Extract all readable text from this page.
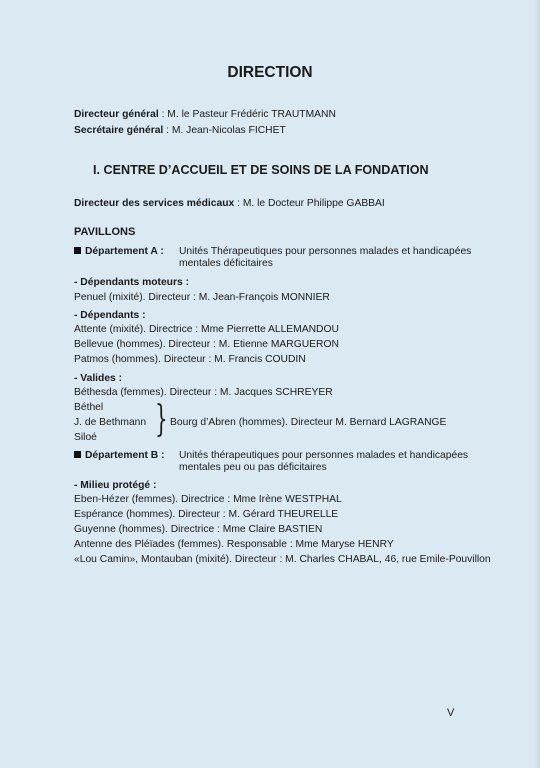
DIRECTION
Directeur général : M. le Pasteur Frédéric TRAUTMANN
Secrétaire général : M. Jean-Nicolas FICHET
I. CENTRE D’ACCUEIL ET DE SOINS DE LA FONDATION
Directeur des services médicaux : M. le Docteur Philippe GABBAI
PAVILLONS
Département A : Unités Thérapeutiques pour personnes malades et handicapées
mentales déficitaires
- Dépendants moteurs :
Penuel (mixité). Directeur : M. Jean-François MONNIER
- Dépendants :
Attente (mixité). Directrice : Mme Pierrette ALLEMANDOU
Bellevue (hommes). Directeur : M. Etienne MARGUERON
Patmos (hommes). Directeur : M. Francis COUDIN
- Valides :
Béthesda (femmes). Directeur : M. Jacques SCHREYER
Béthel
J. de Bethmann
Siloé } Bourg d’Abren (hommes). Directeur M. Bernard LAGRANGE
Département B : Unités thérapeutiques pour personnes malades et handicapées
mentales peu ou pas déficitaires
- Milieu protégé :
Eben-Hézer (femmes). Directrice : Mme Irène WESTPHAL
Espérance (hommes). Directeur : M. Gérard THEURELLE
Guyenne (hommes). Directrice : Mme Claire BASTIEN
Antenne des Pléïades (femmes). Responsable : Mme Maryse HENRY
«Lou Camin», Montauban (mixité). Directeur : M. Charles CHABAL, 46, rue Emile-Pouvillon
V
